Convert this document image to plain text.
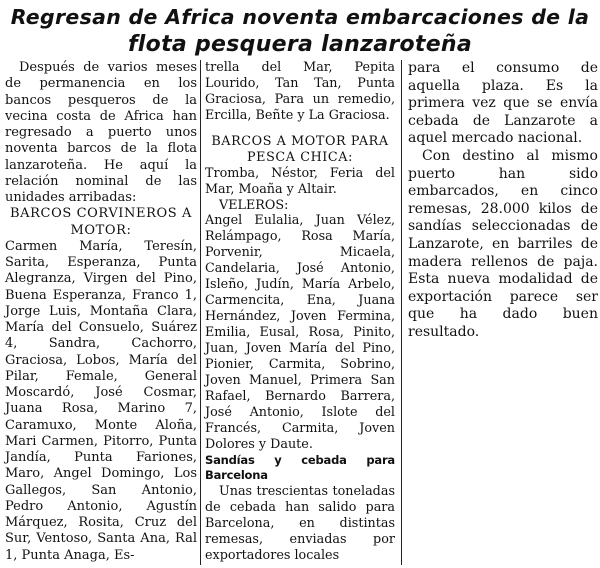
Regresan de Africa noventa embarcaciones de la
flota pesquera lanzaroteña

Después de varios meses de permanencia en los bancos pesqueros de la vecina costa de Africa han regresado a puerto unos noventa barcos de la flota lanzaroteña. He aquí la relación nominal de las unidades arribadas:

BARCOS CORVINEROS A MOTOR:

Carmen María, Teresín, Sarita, Esperanza, Punta Alegranza, Virgen del Pino, Buena Esperanza, Franco 1, Jorge Luis, Montaña Clara, María del Consuelo, Suárez 4, Sandra, Cachorro, Graciosa, Lobos, María del Pilar, Female, General Moscardó, José Cosmar, Juana Rosa, Marino 7, Caramuxo, Monte Aloña, Mari Carmen, Pitorro, Punta Jandía, Punta Fariones, Maro, Angel Domingo, Los Gallegos, San Antonio, Pedro Antonio, Agustín Márquez, Rosita, Cruz del Sur, Ventoso, Santa Ana, Ral 1, Punta Anaga, Es-

trella del Mar, Pepita Lourido, Tan Tan, Punta Graciosa, Para un remedio, Ercilla, Beñte y La Graciosa.

BARCOS A MOTOR PARA PESCA CHICA:

Tromba, Néstor, Feria del Mar, Moaña y Altair.

VELEROS:

Angel Eulalia, Juan Vélez, Relámpago, Rosa María, Porvenir, Micaela, Candelaria, José Antonio, Isleño, Judín, María Arbelo, Carmencita, Ena, Juana Hernández, Joven Fermina, Emilia, Eusal, Rosa, Pinito, Juan, Joven María del Pino, Pionier, Carmita, Sobrino, Joven Manuel, Primera San Rafael, Bernardo Barrera, José Antonio, Islote del Francés, Carmita, Joven Dolores y Daute.

Sandías y cebada para Barcelona

Unas trescientas toneladas de cebada han salido para Barcelona, en distintas remesas, enviadas por exportadores locales

para el consumo de aquella plaza. Es la primera vez que se envía cebada de Lanzarote a aquel mercado nacional.

Con destino al mismo puerto han sido embarcados, en cinco remesas, 28.000 kilos de sandías seleccionadas de Lanzarote, en barriles de madera rellenos de paja. Esta nueva modalidad de exportación parece ser que ha dado buen resultado.
